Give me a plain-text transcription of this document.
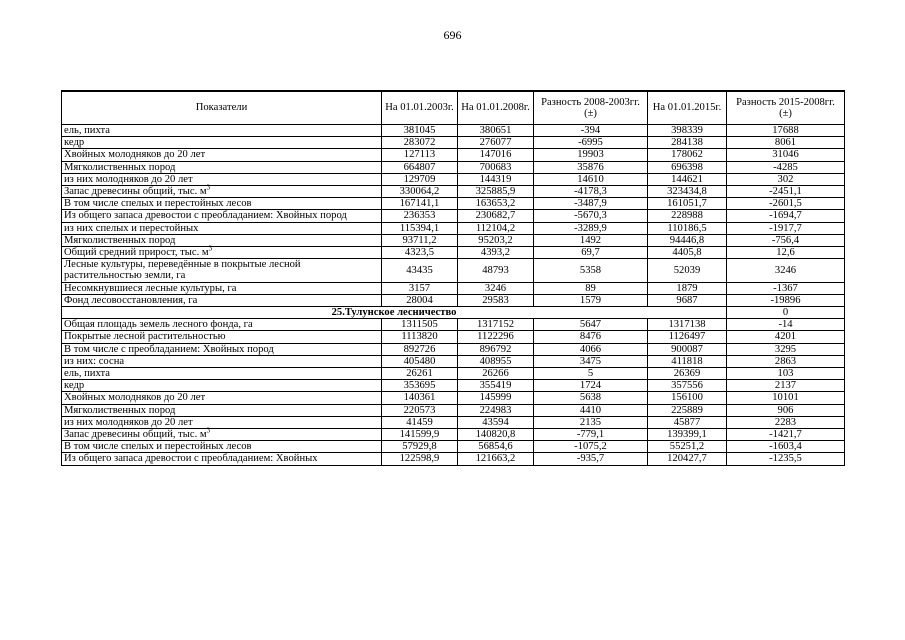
696
Показатели	На 01.01.2003г.	На 01.01.2008г.	Разность 2008-2003гг. (±)	На 01.01.2015г.	Разность 2015-2008гг. (±)
ель, пихта	381045	380651	-394	398339	17688
кедр	283072	276077	-6995	284138	8061
Хвойных молодняков до 20 лет	127113	147016	19903	178062	31046
Мягколиственных пород	664807	700683	35876	696398	-4285
из них молодняков до 20 лет	129709	144319	14610	144621	302
Запас древесины общий, тыс. $м^3$	330064,2	325885,9	-4178,3	323434,8	-2451,1
В том числе спелых и перестойных лесов	167141,1	163653,2	-3487,9	161051,7	-2601,5
Из общего запаса древостои с преобладанием: Хвойных пород	236353	230682,7	-5670,3	228988	-1694,7
из них спелых и перестойных	115394,1	112104,2	-3289,9	110186,5	-1917,7
Мягколиственных пород	93711,2	95203,2	1492	94446,8	-756,4
Общий средний прирост, тыс. $м^3$	4323,5	4393,2	69,7	4405,8	12,6
Лесные культуры, переведённые в покрытые лесной растительностью земли, га	43435	48793	5358	52039	3246
Несомкнувшиеся лесные культуры, га	3157	3246	89	1879	-1367
Фонд лесовосстановления, га	28004	29583	1579	9687	-19896
25.Тулунское лесничество					0
Общая площадь земель лесного фонда, га	1311505	1317152	5647	1317138	-14
Покрытые лесной растительностью	1113820	1122296	8476	1126497	4201
В том числе с преобладанием: Хвойных пород	892726	896792	4066	900087	3295
из них: сосна	405480	408955	3475	411818	2863
ель, пихта	26261	26266	5	26369	103
кедр	353695	355419	1724	357556	2137
Хвойных молодняков до 20 лет	140361	145999	5638	156100	10101
Мягколиственных пород	220573	224983	4410	225889	906
из них молодняков до 20 лет	41459	43594	2135	45877	2283
Запас древесины общий, тыс. $м^3$	141599,9	140820,8	-779,1	139399,1	-1421,7
В том числе спелых и перестойных лесов	57929,8	56854,6	-1075,2	55251,2	-1603,4
Из общего запаса древостои с преобладанием: Хвойных	122598,9	121663,2	-935,7	120427,7	-1235,5
